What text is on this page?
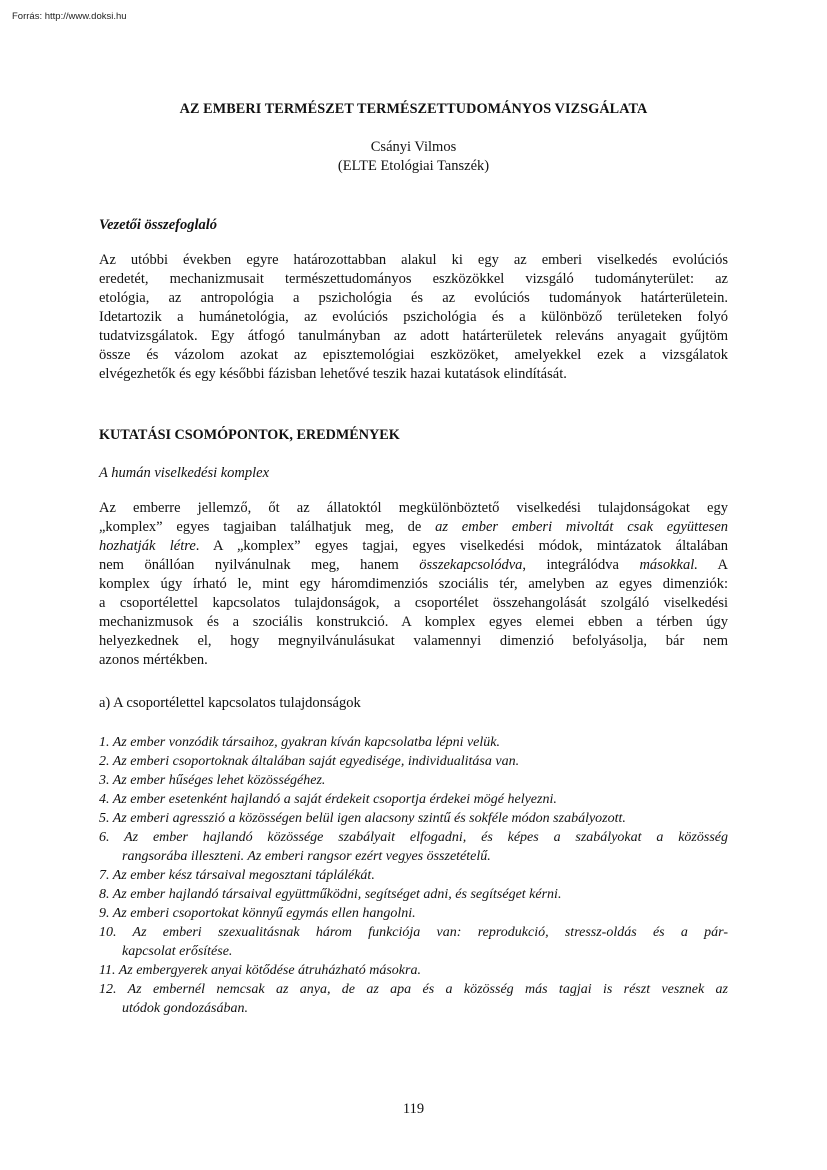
Forrás: http://www.doksi.hu
AZ EMBERI TERMÉSZET TERMÉSZETTUDOMÁNYOS VIZSGÁLATA
Csányi Vilmos
(ELTE Etológiai Tanszék)
Vezetői összefoglaló
Az utóbbi években egyre határozottabban alakul ki egy az emberi viselkedés evolúciós
eredetét, mechanizmusait természettudományos eszközökkel vizsgáló tudományterület: az
etológia, az antropológia a pszichológia és az evolúciós tudományok határterületein.
Idetartozik a humánetológia, az evolúciós pszichológia és a különböző területeken folyó
tudatvizsgálatok. Egy átfogó tanulmányban az adott határterületek releváns anyagait gyűjtöm
össze és vázolom azokat az episztemológiai eszközöket, amelyekkel ezek a vizsgálatok
elvégezhetők és egy későbbi fázisban lehetővé teszik hazai kutatások elindítását.
KUTATÁSI CSOMÓPONTOK, EREDMÉNYEK
A humán viselkedési komplex
Az emberre jellemző, őt az állatoktól megkülönböztető viselkedési tulajdonságokat egy
„komplex” egyes tagjaiban találhatjuk meg, de az ember emberi mivoltát csak együttesen
hozhatják létre. A „komplex” egyes tagjai, egyes viselkedési módok, mintázatok általában
nem önállóan nyilvánulnak meg, hanem összekapcsolódva, integrálódva másokkal. A
komplex úgy írható le, mint egy háromdimenziós szociális tér, amelyben az egyes dimenziók:
a csoportélettel kapcsolatos tulajdonságok, a csoportélet összehangolását szolgáló viselkedési
mechanizmusok és a szociális konstrukció. A komplex egyes elemei ebben a térben úgy
helyezkednek el, hogy megnyilvánulásukat valamennyi dimenzió befolyásolja, bár nem
azonos mértékben.
a) A csoportélettel kapcsolatos tulajdonságok
1. Az ember vonzódik társaihoz, gyakran kíván kapcsolatba lépni velük.
2. Az emberi csoportoknak általában saját egyedisége, individualitása van.
3. Az ember hűséges lehet közösségéhez.
4. Az ember esetenként hajlandó a saját érdekeit csoportja érdekei mögé helyezni.
5. Az emberi agresszió a közösségen belül igen alacsony szintű és sokféle módon szabályozott.
6. Az ember hajlandó közössége szabályait elfogadni, és képes a szabályokat a közösség
rangsorába illeszteni. Az emberi rangsor ezért vegyes összetételű.
7. Az ember kész társaival megosztani táplálékát.
8. Az ember hajlandó társaival együttműködni, segítséget adni, és segítséget kérni.
9. Az emberi csoportokat könnyű egymás ellen hangolni.
10. Az emberi szexualitásnak három funkciója van: reprodukció, stressz-oldás és a pár-
kapcsolat erősítése.
11. Az embergyerek anyai kötődése átruházható másokra.
12. Az embernél nemcsak az anya, de az apa és a közösség más tagjai is részt vesznek az
utódok gondozásában.
119
